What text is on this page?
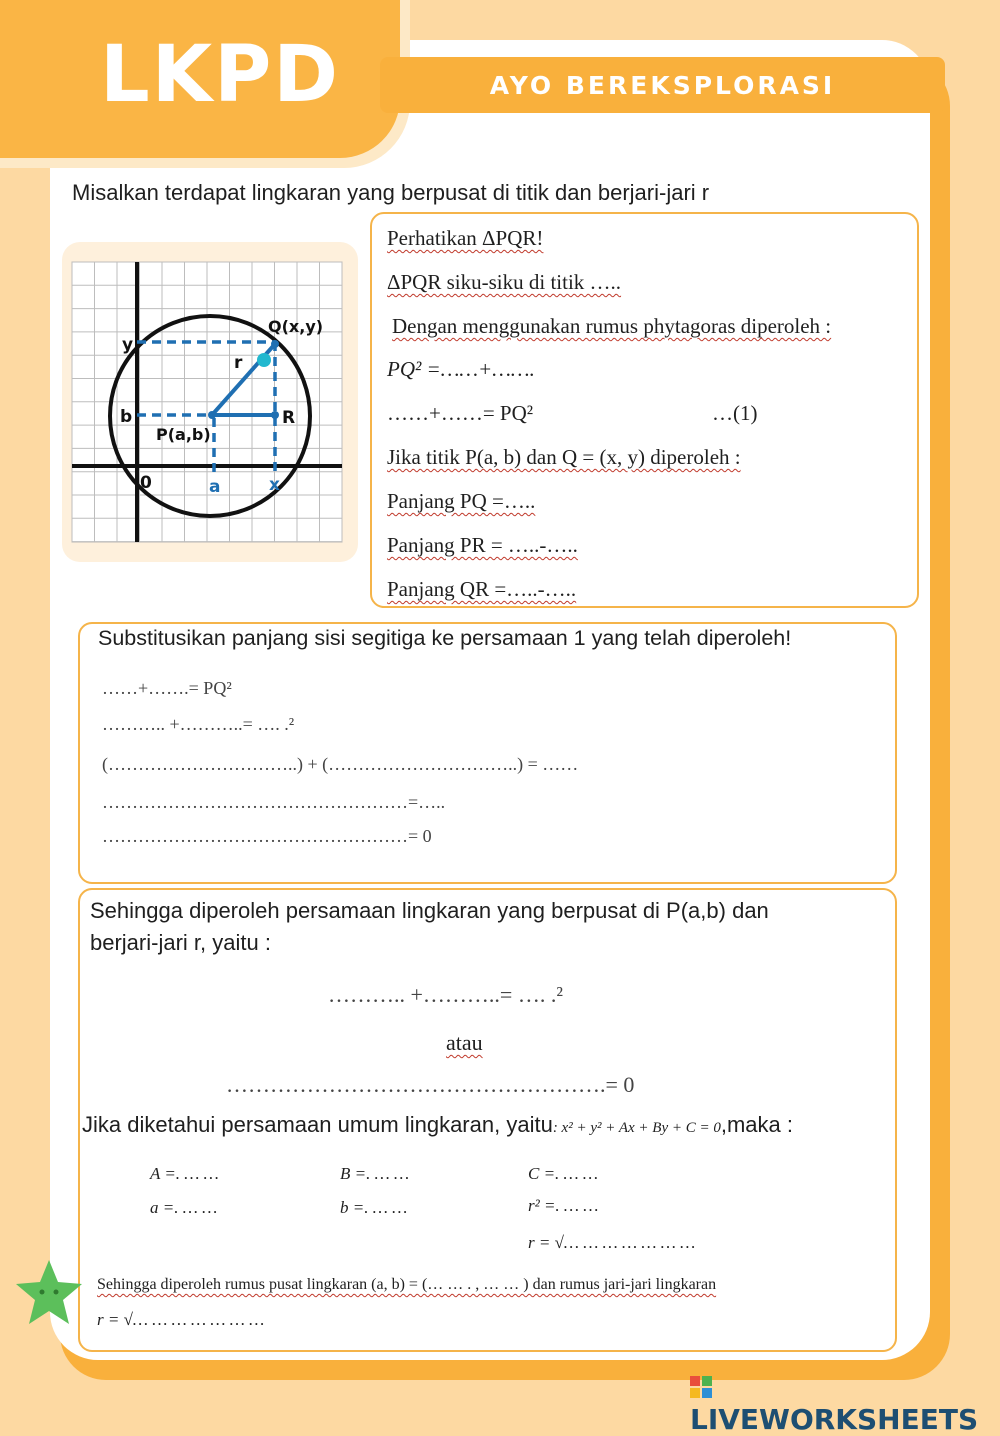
LKPD	AYO BEREKSPLORASI
Misalkan terdapat lingkaran yang berpusat di titik dan berjari-jari r
Q(x,y)
P(a,b)
R
r
y
b
0	a	x
Perhatikan ΔPQR!
ΔPQR siku-siku di titik …..
Dengan menggunakan rumus phytagoras diperoleh :
PQ² =……+…….
……+……= PQ²	…(1)
Jika titik P(a, b) dan Q = (x, y) diperoleh :
Panjang PQ =…..
Panjang PR = …..-…..
Panjang QR =…..-…..
Substitusikan panjang sisi segitiga ke persamaan 1 yang telah diperoleh!
……+…….= PQ²
……….. +………..= …. .²
(…………………………..) + (…………………………..) = ……
……………………………………………=…..
……………………………………………= 0
Sehingga diperoleh persamaan lingkaran yang berpusat di P(a,b) dan
berjari-jari r, yaitu :
……….. +………..= …. .²
atau
…………………………………………….= 0
Jika diketahui persamaan umum lingkaran, yaitu: x² + y² + Ax + By + C = 0,maka :
A =. … …	B =. … …	C =. … …
a =. … …	b =. … …	r² =. … …
r = √… … … … … … …
Sehingga diperoleh rumus pusat lingkaran (a, b) = (… … . , … … ) dan rumus jari-jari lingkaran
r = √… … … … … … …
LIVEWORKSHEETS
